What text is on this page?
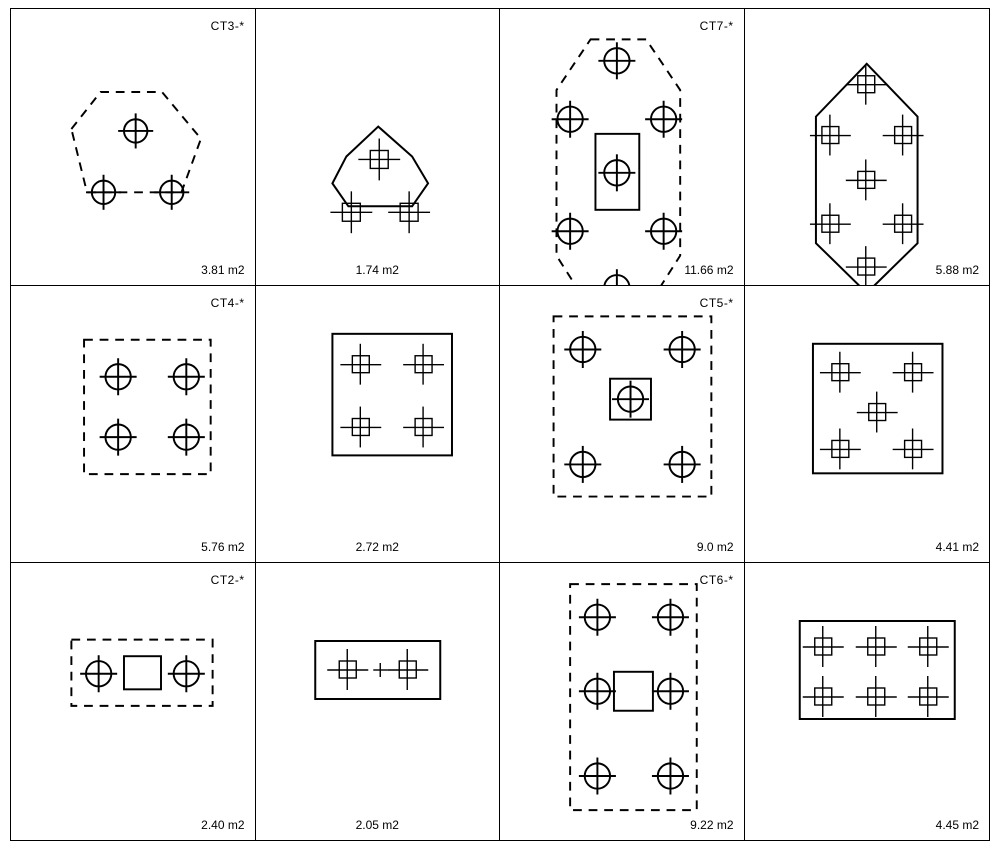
CT3-*
3.81 m2	1.74 m2
CT7-*
11.66 m2	5.88 m2
CT4-*
5.76 m2	2.72 m2
CT5-*
9.0 m2	4.41 m2
CT2-*
2.40 m2	2.05 m2
CT6-*
9.22 m2	4.45 m2
